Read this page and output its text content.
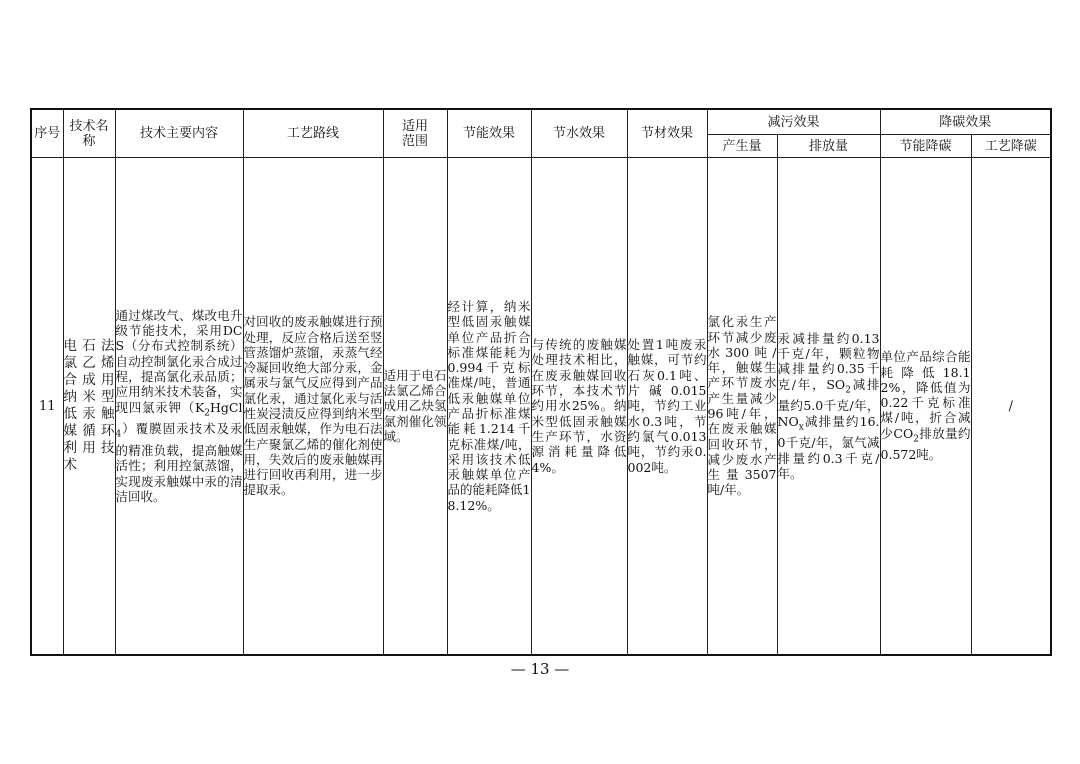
序号	技术名称	技术主要内容	工艺路线	适用范围	节能效果	节水效果	节材效果	减污效果		降碳效果	
								产生量	排放量	节能降碳	工艺降碳
11	电石法氯乙烯合成用纳米型低汞触媒循环利用技术	通过煤改气、煤改电升级节能技术，采用DCS（分布式控制系统）自动控制氯化汞合成过程，提高氯化汞品质；应用纳米技术装备，实现四氯汞钾$(K_2HgCl_4)$覆膜固汞技术及汞的精准负载，提高触媒活性；利用控氯蒸馏，实现废汞触媒中汞的清洁回收。	对回收的废汞触媒进行预处理，反应合格后送至竖管蒸馏炉蒸馏，汞蒸气经冷凝回收绝大部分汞，金属汞与氯气反应得到产品氯化汞，通过氯化汞与活性炭浸渍反应得到纳米型低固汞触媒，作为电石法生产聚氯乙烯的催化剂使用，失效后的废汞触媒再进行回收再利用，进一步提取汞。	适用于电石法氯乙烯合成用乙炔氢氯剂催化领域。	经计算，纳米型低固汞触媒单位产品折合标准煤能耗为0.994千克标准煤/吨，普通低汞触媒单位产品折标准煤能耗1.214千克标准煤/吨，采用该技术低汞触媒单位产品的能耗降低18.12%。	与传统的废触媒处理技术相比，在废汞触媒回收环节，本技术节约用水25%。纳米型低固汞触媒生产环节，水资源消耗量降低4%。	处置1吨废汞触媒，可节约石灰0.1吨、片碱0.015吨，节约工业水0.3吨，节约氯气0.013吨，节约汞0.002吨。	氯化汞生产环节减少废水300吨/年，触媒生产环节废水产生量减少96吨/年，在废汞触媒回收环节，减少废水产生量3507吨/年。	汞减排量约0.13千克/年，颗粒物减排量约0.35千克/年，$SO_2$减排量约5.0千克/年，$NO_x$减排量约16.0千克/年，氯气减排量约0.3千克/年。	单位产品综合能耗降低18.12%，降低值为0.22千克标准煤/吨，折合减少$CO_2$排放量约0.572吨。	/
— 13 —
